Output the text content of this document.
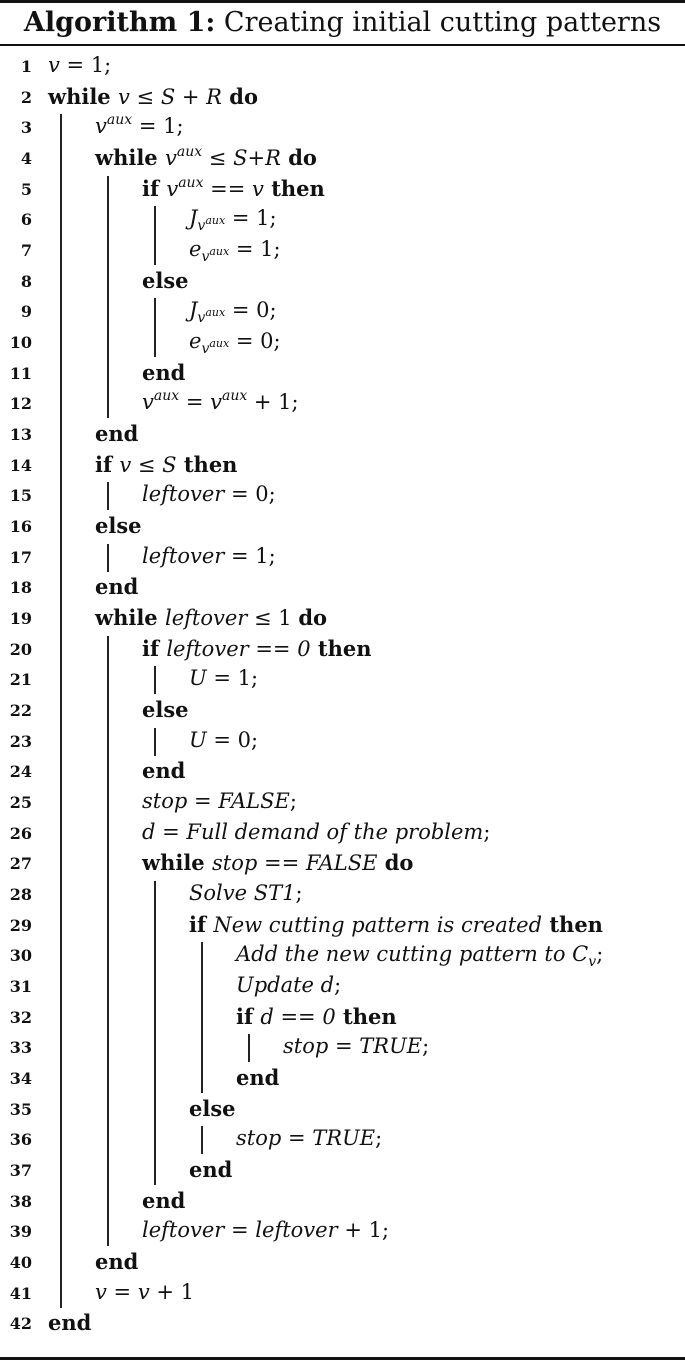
Algorithm 1: Creating initial cutting patterns
1 v = 1;
2 while v ≤ S + R do
3	$v^{aux} = 1$;
4	while $v^{aux} \le S+R$ do
5	if $v^{aux} == v$ then
6	$J_vaux = 1$;
7	$e_vaux = 1$;
8	else
9	$J_vaux = 0$;
10	$e_vaux = 0$;
11	end
12	$v^{aux} = v^{aux} + 1$;
13	end
14	if v ≤ S then
15	leftover = 0;
16	else
17	leftover = 1;
18	end
19	while leftover ≤ 1 do
20	if leftover == 0 then
21	U = 1;
22	else
23	U = 0;
24	end
25	stop = FALSE;
26	d = Full demand of the problem;
27	while stop == FALSE do
28	Solve ST1;
29	if New cutting pattern is created then
30	Add the new cutting pattern to $C_v$;
31	Update d;
32	if d == 0 then
33	stop = TRUE;
34	end
35	else
36	stop = TRUE;
37	end
38	end
39	leftover = leftover + 1;
40	end
41	v = v + 1
42 end
